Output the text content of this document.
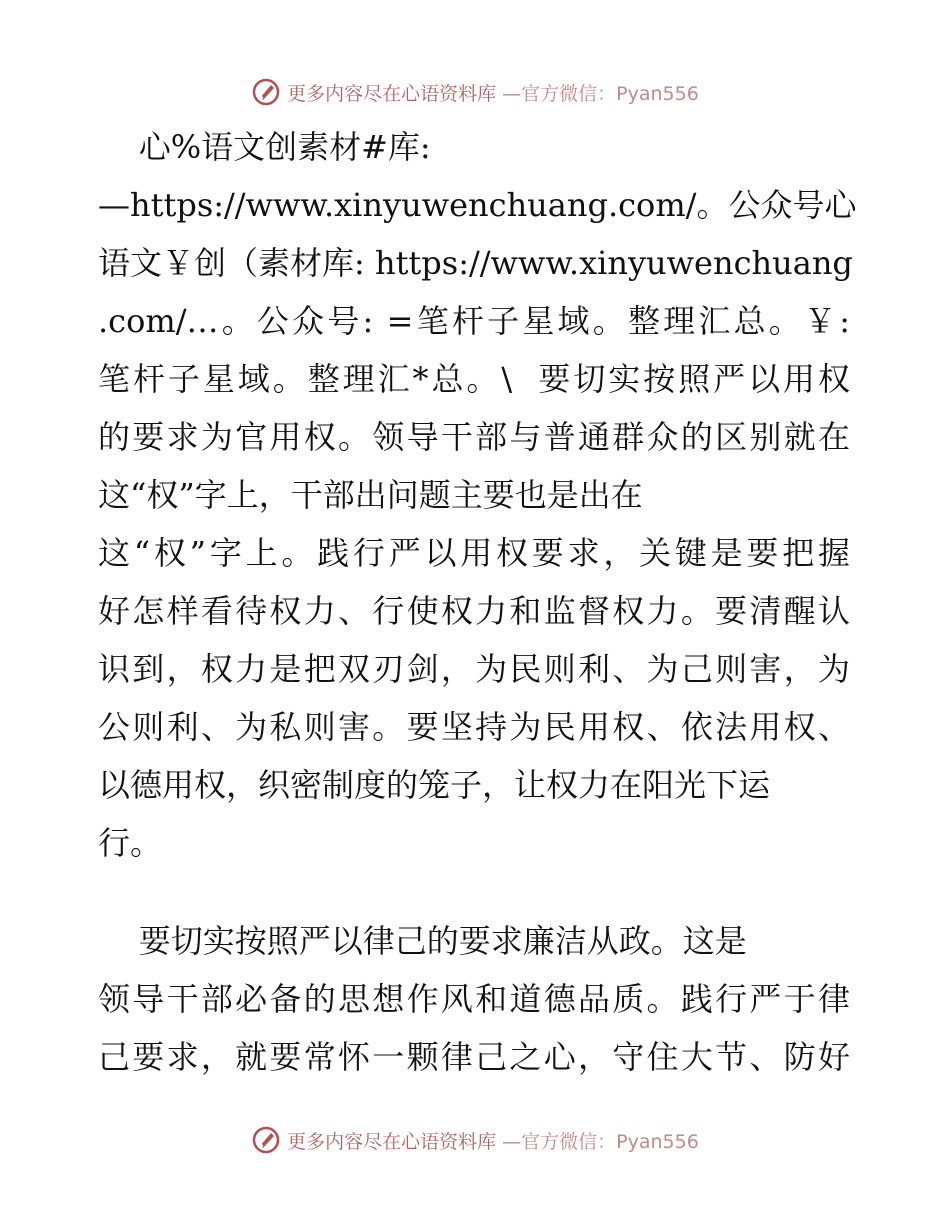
更多内容尽在心语资料库 —官方微信：Pyan556
心%语文创素材#库:
—https://www.xinyuwenchuang.com/。公众号心
语文￥创（素材库: https://www.xinyuwenchuang
.com/…。公众号: =笔杆子星域。整理汇总。￥:
笔杆子星域。整理汇*总。\  要切实按照严以用权
的要求为官用权。领导干部与普通群众的区别就在
这“权”字上，干部出问题主要也是出在
这“权”字上。践行严以用权要求，关键是要把握
好怎样看待权力、行使权力和监督权力。要清醒认
识到，权力是把双刃剑，为民则利、为己则害，为
公则利、为私则害。要坚持为民用权、依法用权、
以德用权，织密制度的笼子，让权力在阳光下运
行。
要切实按照严以律己的要求廉洁从政。这是
领导干部必备的思想作风和道德品质。践行严于律
己要求，就要常怀一颗律己之心，守住大节、防好
更多内容尽在心语资料库 —官方微信：Pyan556
